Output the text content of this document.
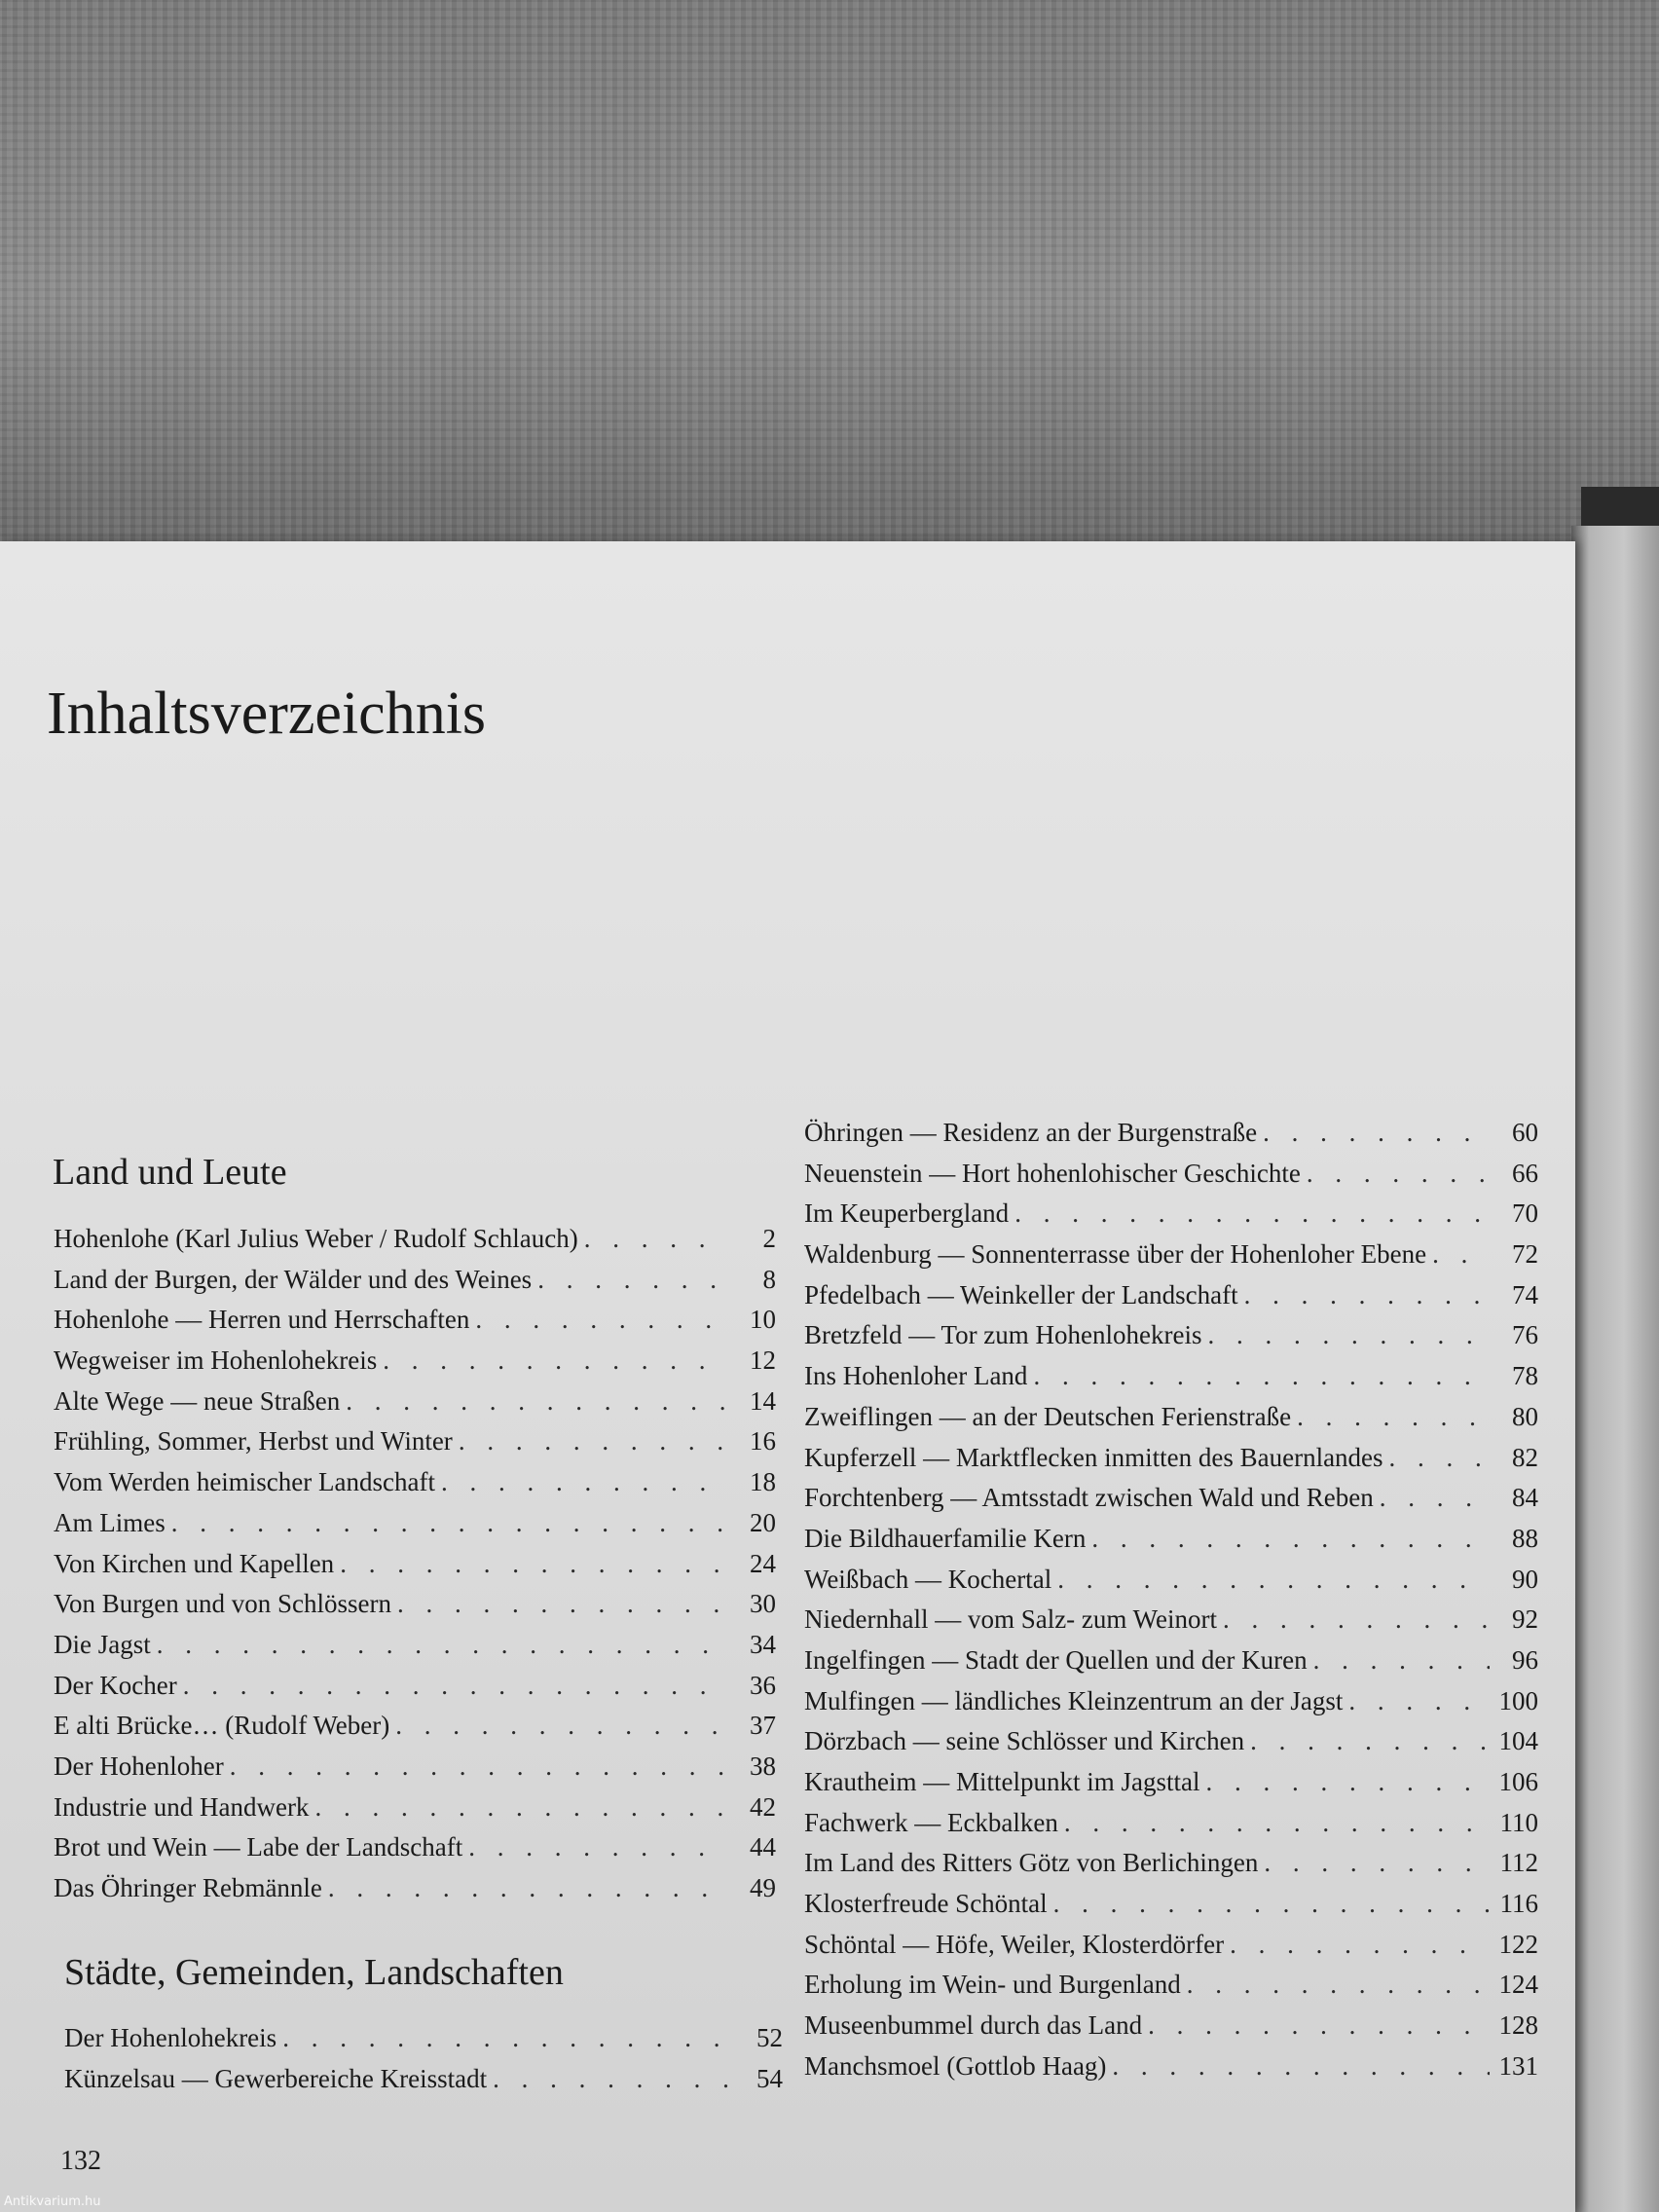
Inhaltsverzeichnis
Land und Leute
Hohenlohe (Karl Julius Weber / Rudolf Schlauch) . . .	2
Land der Burgen, der Wälder und des Weines . . .	8
Hohenlohe — Herren und Herrschaften . . .	10
Wegweiser im Hohenlohekreis . . .	12
Alte Wege — neue Straßen . . .	14
Frühling, Sommer, Herbst und Winter . . .	16
Vom Werden heimischer Landschaft . . .	18
Am Limes . . .	20
Von Kirchen und Kapellen . . .	24
Von Burgen und von Schlössern . . .	30
Die Jagst . . .	34
Der Kocher . . .	36
E alti Brücke… (Rudolf Weber) . . .	37
Der Hohenloher . . .	38
Industrie und Handwerk . . .	42
Brot und Wein — Labe der Landschaft . . .	44
Das Öhringer Rebmännle . . .	49
Städte, Gemeinden, Landschaften
Der Hohenlohekreis . . .	52
Künzelsau — Gewerbereiche Kreisstadt . . .	54
Öhringen — Residenz an der Burgenstraße . . .	60
Neuenstein — Hort hohenlohischer Geschichte . . .	66
Im Keuperbergland . . .	70
Waldenburg — Sonnenterrasse über der Hohenloher Ebene . . .	72
Pfedelbach — Weinkeller der Landschaft . . .	74
Bretzfeld — Tor zum Hohenlohekreis . . .	76
Ins Hohenloher Land . . .	78
Zweiflingen — an der Deutschen Ferienstraße . . .	80
Kupferzell — Marktflecken inmitten des Bauernlandes . . .	82
Forchtenberg — Amtsstadt zwischen Wald und Reben . . .	84
Die Bildhauerfamilie Kern . . .	88
Weißbach — Kochertal . . .	90
Niedernhall — vom Salz- zum Weinort . . .	92
Ingelfingen — Stadt der Quellen und der Kuren . . .	96
Mulfingen — ländliches Kleinzentrum an der Jagst . . .	100
Dörzbach — seine Schlösser und Kirchen . . .	104
Krautheim — Mittelpunkt im Jagsttal . . .	106
Fachwerk — Eckbalken . . .	110
Im Land des Ritters Götz von Berlichingen . . .	112
Klosterfreude Schöntal . . .	116
Schöntal — Höfe, Weiler, Klosterdörfer . . .	122
Erholung im Wein- und Burgenland . . .	124
Museenbummel durch das Land . . .	128
Manchsmoel (Gottlob Haag) . . .	131
132
Antikvarium.hu
